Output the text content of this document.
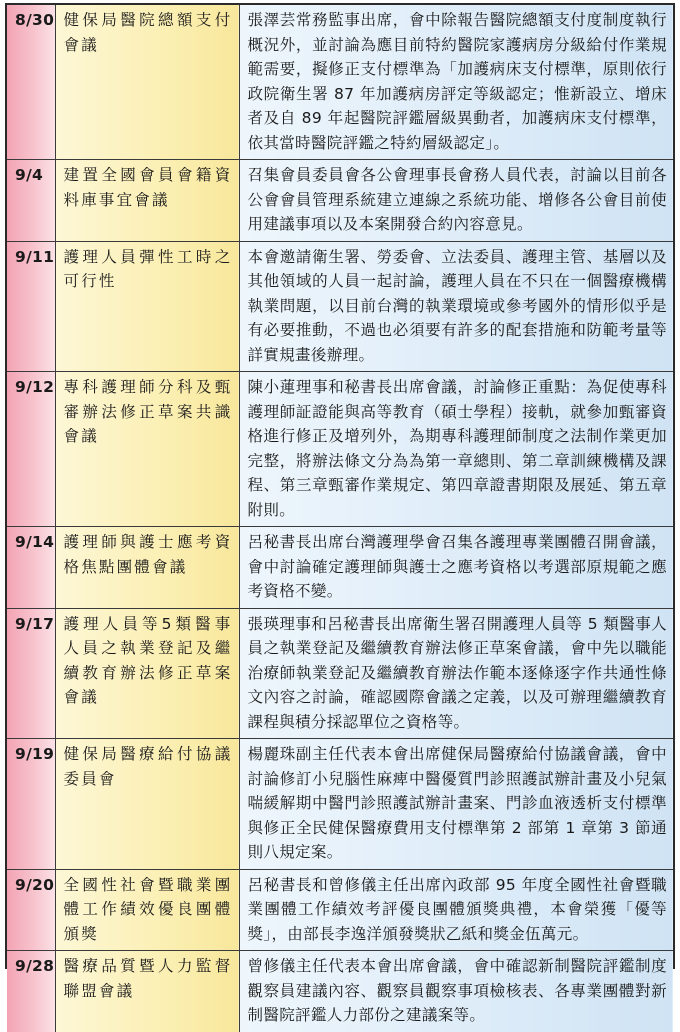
8/30	健保局醫院總額支付會議	張澤芸常務監事出席，會中除報告醫院總額支付度制度執行概況外，並討論為應目前特約醫院家護病房分級給付作業規範需要，擬修正支付標準為「加護病床支付標準，原則依行政院衛生署 87 年加護病房評定等級認定；惟新設立、增床者及自 89 年起醫院評鑑層級異動者，加護病床支付標準，依其當時醫院評鑑之特約層級認定」。
9/4	建置全國會員會籍資料庫事宜會議	召集會員委員會各公會理事長會務人員代表，討論以目前各公會會員管理系統建立連線之系統功能、增修各公會目前使用建議事項以及本案開發合約內容意見。
9/11	護理人員彈性工時之可行性	本會邀請衛生署、勞委會、立法委員、護理主管、基層以及其他領域的人員一起討論，護理人員在不只在一個醫療機構執業問題，以目前台灣的執業環境或參考國外的情形似乎是有必要推動，不過也必須要有許多的配套措施和防範考量等詳實規畫後辦理。
9/12	專科護理師分科及甄審辦法修正草案共識會議	陳小蓮理事和秘書長出席會議，討論修正重點：為促使專科護理師証證能與高等教育（碩士學程）接軌，就參加甄審資格進行修正及增列外，為期專科護理師制度之法制作業更加完整，將辦法條文分為為第一章總則、第二章訓練機構及課程、第三章甄審作業規定、第四章證書期限及展延、第五章附則。
9/14	護理師與護士應考資格焦點團體會議	呂秘書長出席台灣護理學會召集各護理專業團體召開會議，會中討論確定護理師與護士之應考資格以考選部原規範之應考資格不變。
9/17	護理人員等5類醫事人員之執業登記及繼續教育辦法修正草案會議	張瑛理事和呂秘書長出席衛生署召開護理人員等 5 類醫事人員之執業登記及繼續教育辦法修正草案會議，會中先以職能治療師執業登記及繼續教育辦法作範本逐條逐字作共通性條文內容之討論，確認國際會議之定義，以及可辦理繼續教育課程與積分採認單位之資格等。
9/19	健保局醫療給付協議委員會	楊麗珠副主任代表本會出席健保局醫療給付協議會議，會中討論修訂小兒腦性麻痺中醫優質門診照護試辦計畫及小兒氣喘緩解期中醫門診照護試辦計畫案、門診血液透析支付標準與修正全民健保醫療費用支付標準第 2 部第 1 章第 3 節通則八規定案。
9/20	全國性社會暨職業團體工作績效優良團體頒獎	呂秘書長和曾修儀主任出席內政部 95 年度全國性社會暨職業團體工作績效考評優良團體頒獎典禮，本會榮獲「優等獎」，由部長李逸洋頒發獎狀乙紙和獎金伍萬元。
9/28	醫療品質暨人力監督聯盟會議	曾修儀主任代表本會出席會議，會中確認新制醫院評鑑制度觀察員建議內容、觀察員觀察事項檢核表、各專業團體對新制醫院評鑑人力部份之建議案等。
